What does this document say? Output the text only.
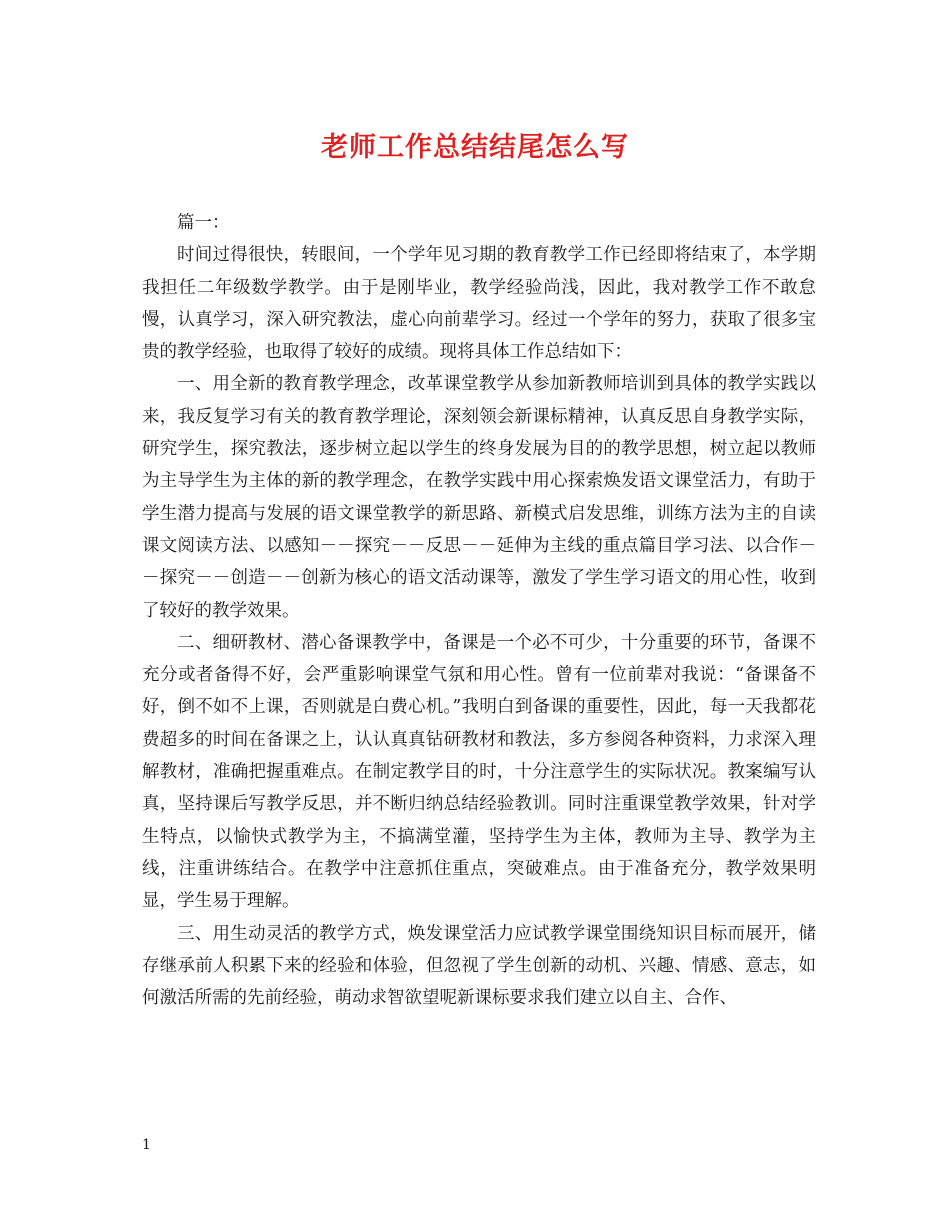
老师工作总结结尾怎么写

篇一：

时间过得很快，转眼间，一个学年见习期的教育教学工作已经即将结束了，本学期我担任二年级数学教学。由于是刚毕业，教学经验尚浅，因此，我对教学工作不敢怠慢，认真学习，深入研究教法，虚心向前辈学习。经过一个学年的努力，获取了很多宝贵的教学经验，也取得了较好的成绩。现将具体工作总结如下：

一、用全新的教育教学理念，改革课堂教学从参加新教师培训到具体的教学实践以来，我反复学习有关的教育教学理论，深刻领会新课标精神，认真反思自身教学实际，研究学生，探究教法，逐步树立起以学生的终身发展为目的的教学思想，树立起以教师为主导学生为主体的新的教学理念，在教学实践中用心探索焕发语文课堂活力，有助于学生潜力提高与发展的语文课堂教学的新思路、新模式启发思维，训练方法为主的自读课文阅读方法、以感知－－探究－－反思－－延伸为主线的重点篇目学习法、以合作－－探究－－创造－－创新为核心的语文活动课等，激发了学生学习语文的用心性，收到了较好的教学效果。

二、细研教材、潜心备课教学中，备课是一个必不可少，十分重要的环节，备课不充分或者备得不好，会严重影响课堂气氛和用心性。曾有一位前辈对我说：“备课备不好，倒不如不上课，否则就是白费心机。”我明白到备课的重要性，因此，每一天我都花费超多的时间在备课之上，认认真真钻研教材和教法，多方参阅各种资料，力求深入理解教材，准确把握重难点。在制定教学目的时，十分注意学生的实际状况。教案编写认真，坚持课后写教学反思，并不断归纳总结经验教训。同时注重课堂教学效果，针对学生特点，以愉快式教学为主，不搞满堂灌，坚持学生为主体，教师为主导、教学为主线，注重讲练结合。在教学中注意抓住重点，突破难点。由于准备充分，教学效果明显，学生易于理解。

三、用生动灵活的教学方式，焕发课堂活力应试教学课堂围绕知识目标而展开，储存继承前人积累下来的经验和体验，但忽视了学生创新的动机、兴趣、情感、意志，如何激活所需的先前经验，萌动求智欲望呢新课标要求我们建立以自主、合作、

1
